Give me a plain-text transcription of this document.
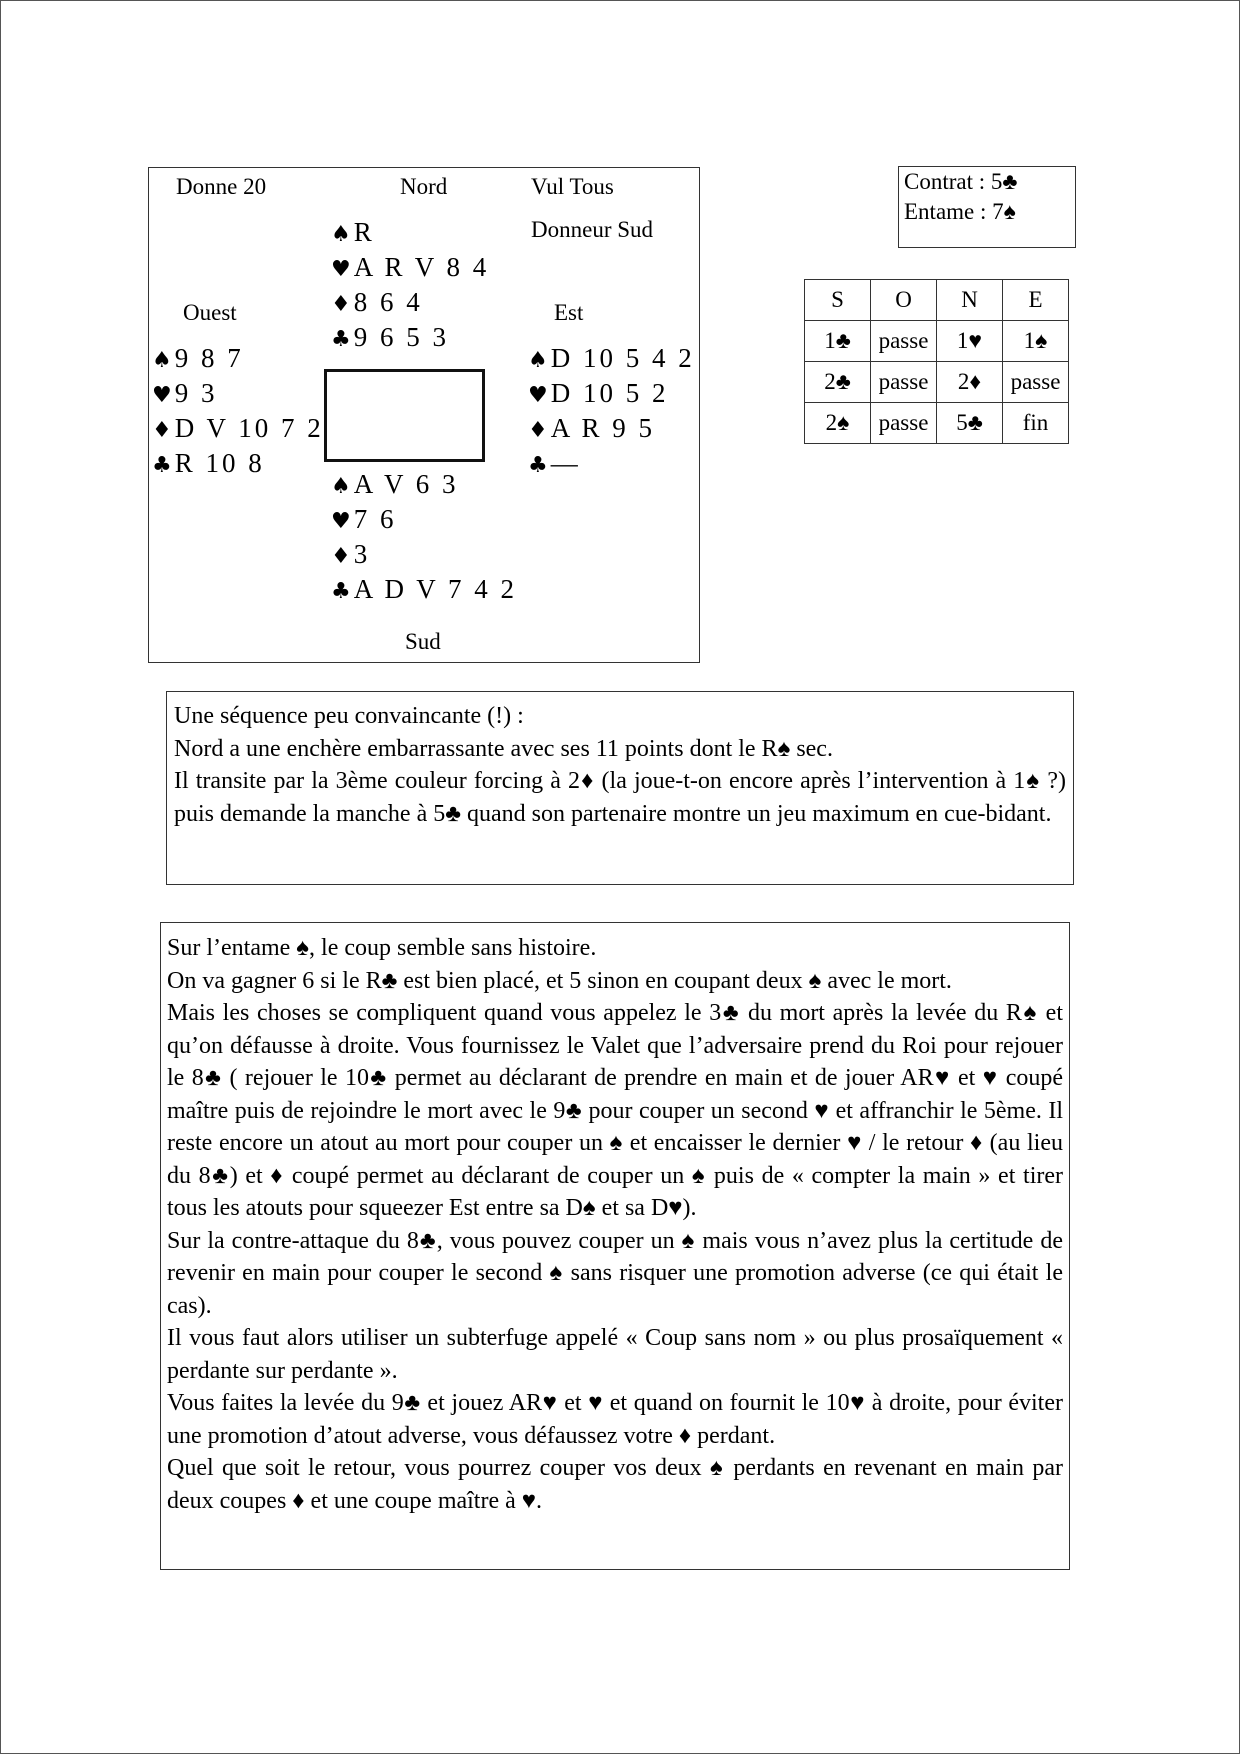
Donne 20	Nord	Vul Tous
Donneur Sud
Ouest	Est
Sud
♠ R
♥ A R V 8 4
♦ 8 6 4
♣ 9 6 5 3
♠ 9 8 7
♥ 9 3
♦ D V 10 7 2
♣ R 10 8
♠ D 10 5 4 2
♥ D 10 5 2
♦ A R 9 5
♣ —
♠ A V 6 3
♥ 7 6
♦ 3
♣ A D V 7 4 2
Contrat : 5♣
Entame : 7♠
S	O	N	E
1♣	passe	1♥	1♠
2♣	passe	2♦	passe
2♠	passe	5♣	fin

Une séquence peu convaincante (!) :

Nord a une enchère embarrassante avec ses 11 points dont le R♠ sec.

Il transite par la 3ème couleur forcing à 2♦ (la joue-t-on encore après l’intervention à 1♠ ?) puis demande la manche à 5♣ quand son partenaire montre un jeu maximum en cue-bidant.

Sur l’entame ♠, le coup semble sans histoire.

On va gagner 6 si le R♣ est bien placé, et 5 sinon en coupant deux ♠ avec le mort.

Mais les choses se compliquent quand vous appelez le 3♣ du mort après la levée du R♠ et qu’on défausse à droite. Vous fournissez le Valet que l’adversaire prend du Roi pour rejouer le 8♣ ( rejouer le 10♣ permet au déclarant de prendre en main et de jouer AR♥ et ♥ coupé maître puis de rejoindre le mort avec le 9♣ pour couper un second ♥ et affranchir le 5ème. Il reste encore un atout au mort pour couper un ♠ et encaisser le dernier ♥ / le retour ♦ (au lieu du 8♣) et ♦ coupé permet au déclarant de couper un ♠ puis de « compter la main » et tirer tous les atouts pour squeezer Est entre sa D♠ et sa D♥).

Sur la contre-attaque du 8♣, vous pouvez couper un ♠ mais vous n’avez plus la certitude de revenir en main pour couper le second ♠ sans risquer une promotion adverse (ce qui était le cas).

Il vous faut alors utiliser un subterfuge appelé « Coup sans nom » ou plus prosaïquement « perdante sur perdante ».

Vous faites la levée du 9♣ et jouez AR♥ et ♥ et quand on fournit le 10♥ à droite, pour éviter une promotion d’atout adverse, vous défaussez votre ♦ perdant.

Quel que soit le retour, vous pourrez couper vos deux ♠ perdants en revenant en main par deux coupes ♦ et une coupe maître à ♥.
